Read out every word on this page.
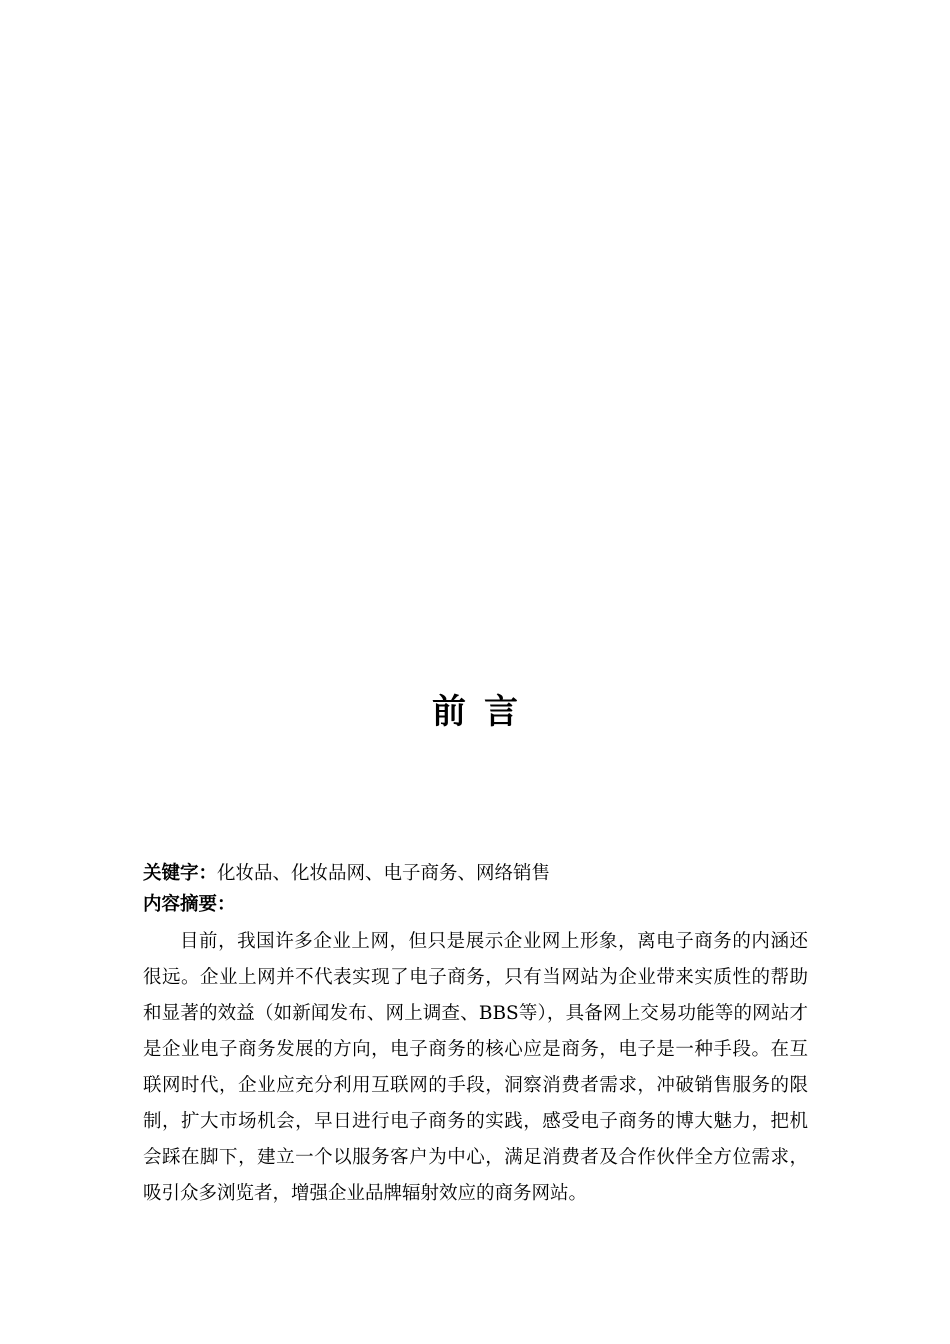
前言
关键字：化妆品、化妆品网、电子商务、网络销售
内容摘要：

目前，我国许多企业上网，但只是展示企业网上形象，离电子商务的内涵还很远。企业上网并不代表实现了电子商务，只有当网站为企业带来实质性的帮助和显著的效益（如新闻发布、网上调查、BBS等），具备网上交易功能等的网站才是企业电子商务发展的方向，电子商务的核心应是商务，电子是一种手段。在互联网时代，企业应充分利用互联网的手段，洞察消费者需求，冲破销售服务的限制，扩大市场机会，早日进行电子商务的实践，感受电子商务的博大魅力，把机会踩在脚下，建立一个以服务客户为中心，满足消费者及合作伙伴全方位需求，吸引众多浏览者，增强企业品牌辐射效应的商务网站。
